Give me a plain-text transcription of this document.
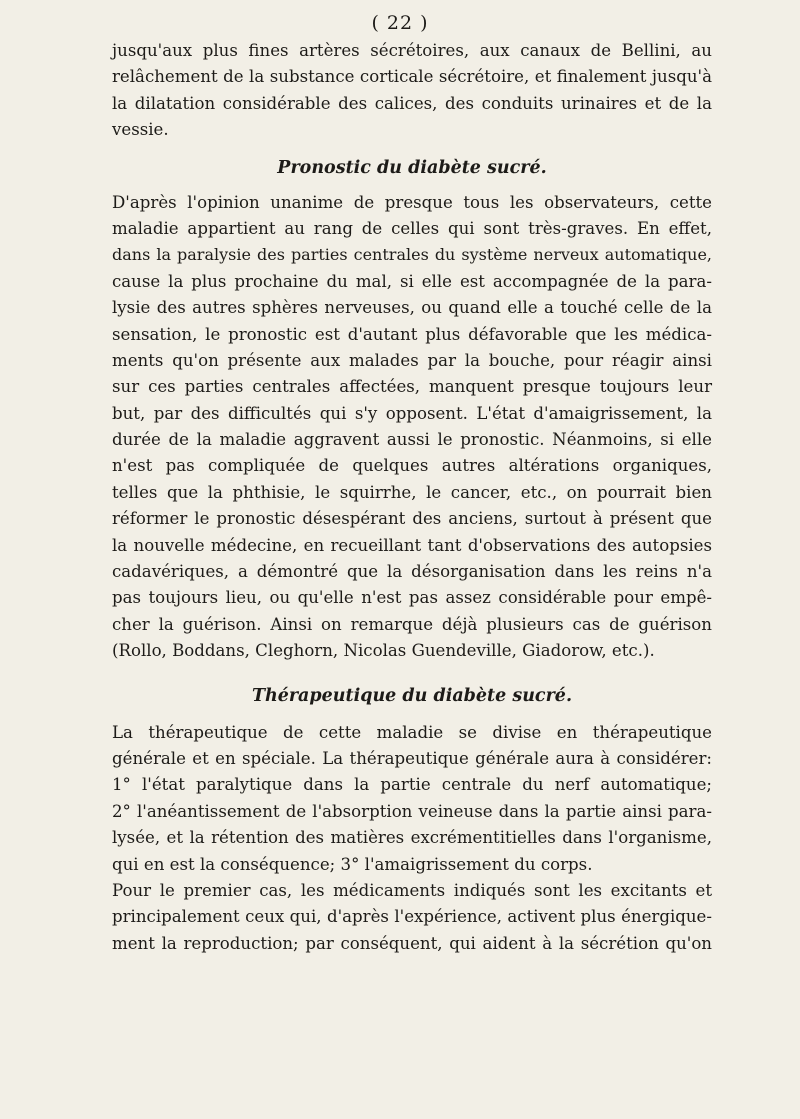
( 22 )
jusqu'aux plus fines artères sécrétoires, aux canaux de Bellini, au
relâchement de la substance corticale sécrétoire, et finalement jusqu'à
la dilatation considérable des calices, des conduits urinaires et de la
vessie.
Pronostic du diabète sucré.
D'après l'opinion unanime de presque tous les observateurs, cette
maladie appartient au rang de celles qui sont très-graves. En effet,
dans la paralysie des parties centrales du système nerveux automatique,
cause la plus prochaine du mal, si elle est accompagnée de la para-
lysie des autres sphères nerveuses, ou quand elle a touché celle de la
sensation, le pronostic est d'autant plus défavorable que les médica-
ments qu'on présente aux malades par la bouche, pour réagir ainsi
sur ces parties centrales affectées, manquent presque toujours leur
but, par des difficultés qui s'y opposent. L'état d'amaigrissement, la
durée de la maladie aggravent aussi le pronostic. Néanmoins, si elle
n'est pas compliquée de quelques autres altérations organiques,
telles que la phthisie, le squirrhe, le cancer, etc., on pourrait bien
réformer le pronostic désespérant des anciens, surtout à présent que
la nouvelle médecine, en recueillant tant d'observations des autopsies
cadavériques, a démontré que la désorganisation dans les reins n'a
pas toujours lieu, ou qu'elle n'est pas assez considérable pour empê-
cher la guérison. Ainsi on remarque déjà plusieurs cas de guérison
(Rollo, Boddans, Cleghorn, Nicolas Guendeville, Giadorow, etc.).
Thérapeutique du diabète sucré.
La thérapeutique de cette maladie se divise en thérapeutique
générale et en spéciale. La thérapeutique générale aura à considérer:
1° l'état paralytique dans la partie centrale du nerf automatique;
2° l'anéantissement de l'absorption veineuse dans la partie ainsi para-
lysée, et la rétention des matières excrémentitielles dans l'organisme,
qui en est la conséquence; 3° l'amaigrissement du corps.
Pour le premier cas, les médicaments indiqués sont les excitants et
principalement ceux qui, d'après l'expérience, activent plus énergique-
ment la reproduction; par conséquent, qui aident à la sécrétion qu'on
